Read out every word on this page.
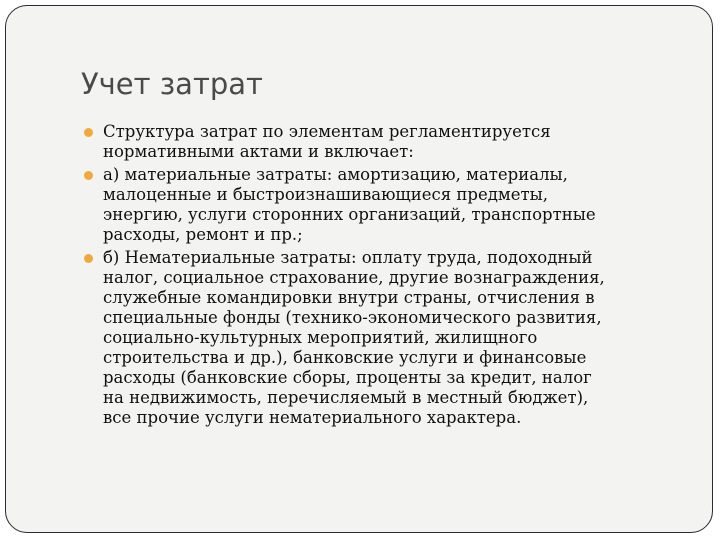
Учет затрат
Структура затрат по элементам регламентируется
нормативными актами и включает:
а) материальные затраты: амортизацию, материалы,
малоценные и быстроизнашивающиеся предметы,
энергию, услуги сторонних организаций, транспортные
расходы, ремонт и пр.;
б) Нематериальные затраты: оплату труда, подоходный
налог, социальное страхование, другие вознаграждения,
служебные командировки внутри страны, отчисления в
специальные фонды (технико-экономического развития,
социально-культурных мероприятий, жилищного
строительства и др.), банковские услуги и финансовые
расходы (банковские сборы, проценты за кредит, налог
на недвижимость, перечисляемый в местный бюджет),
все прочие услуги нематериального характера.
